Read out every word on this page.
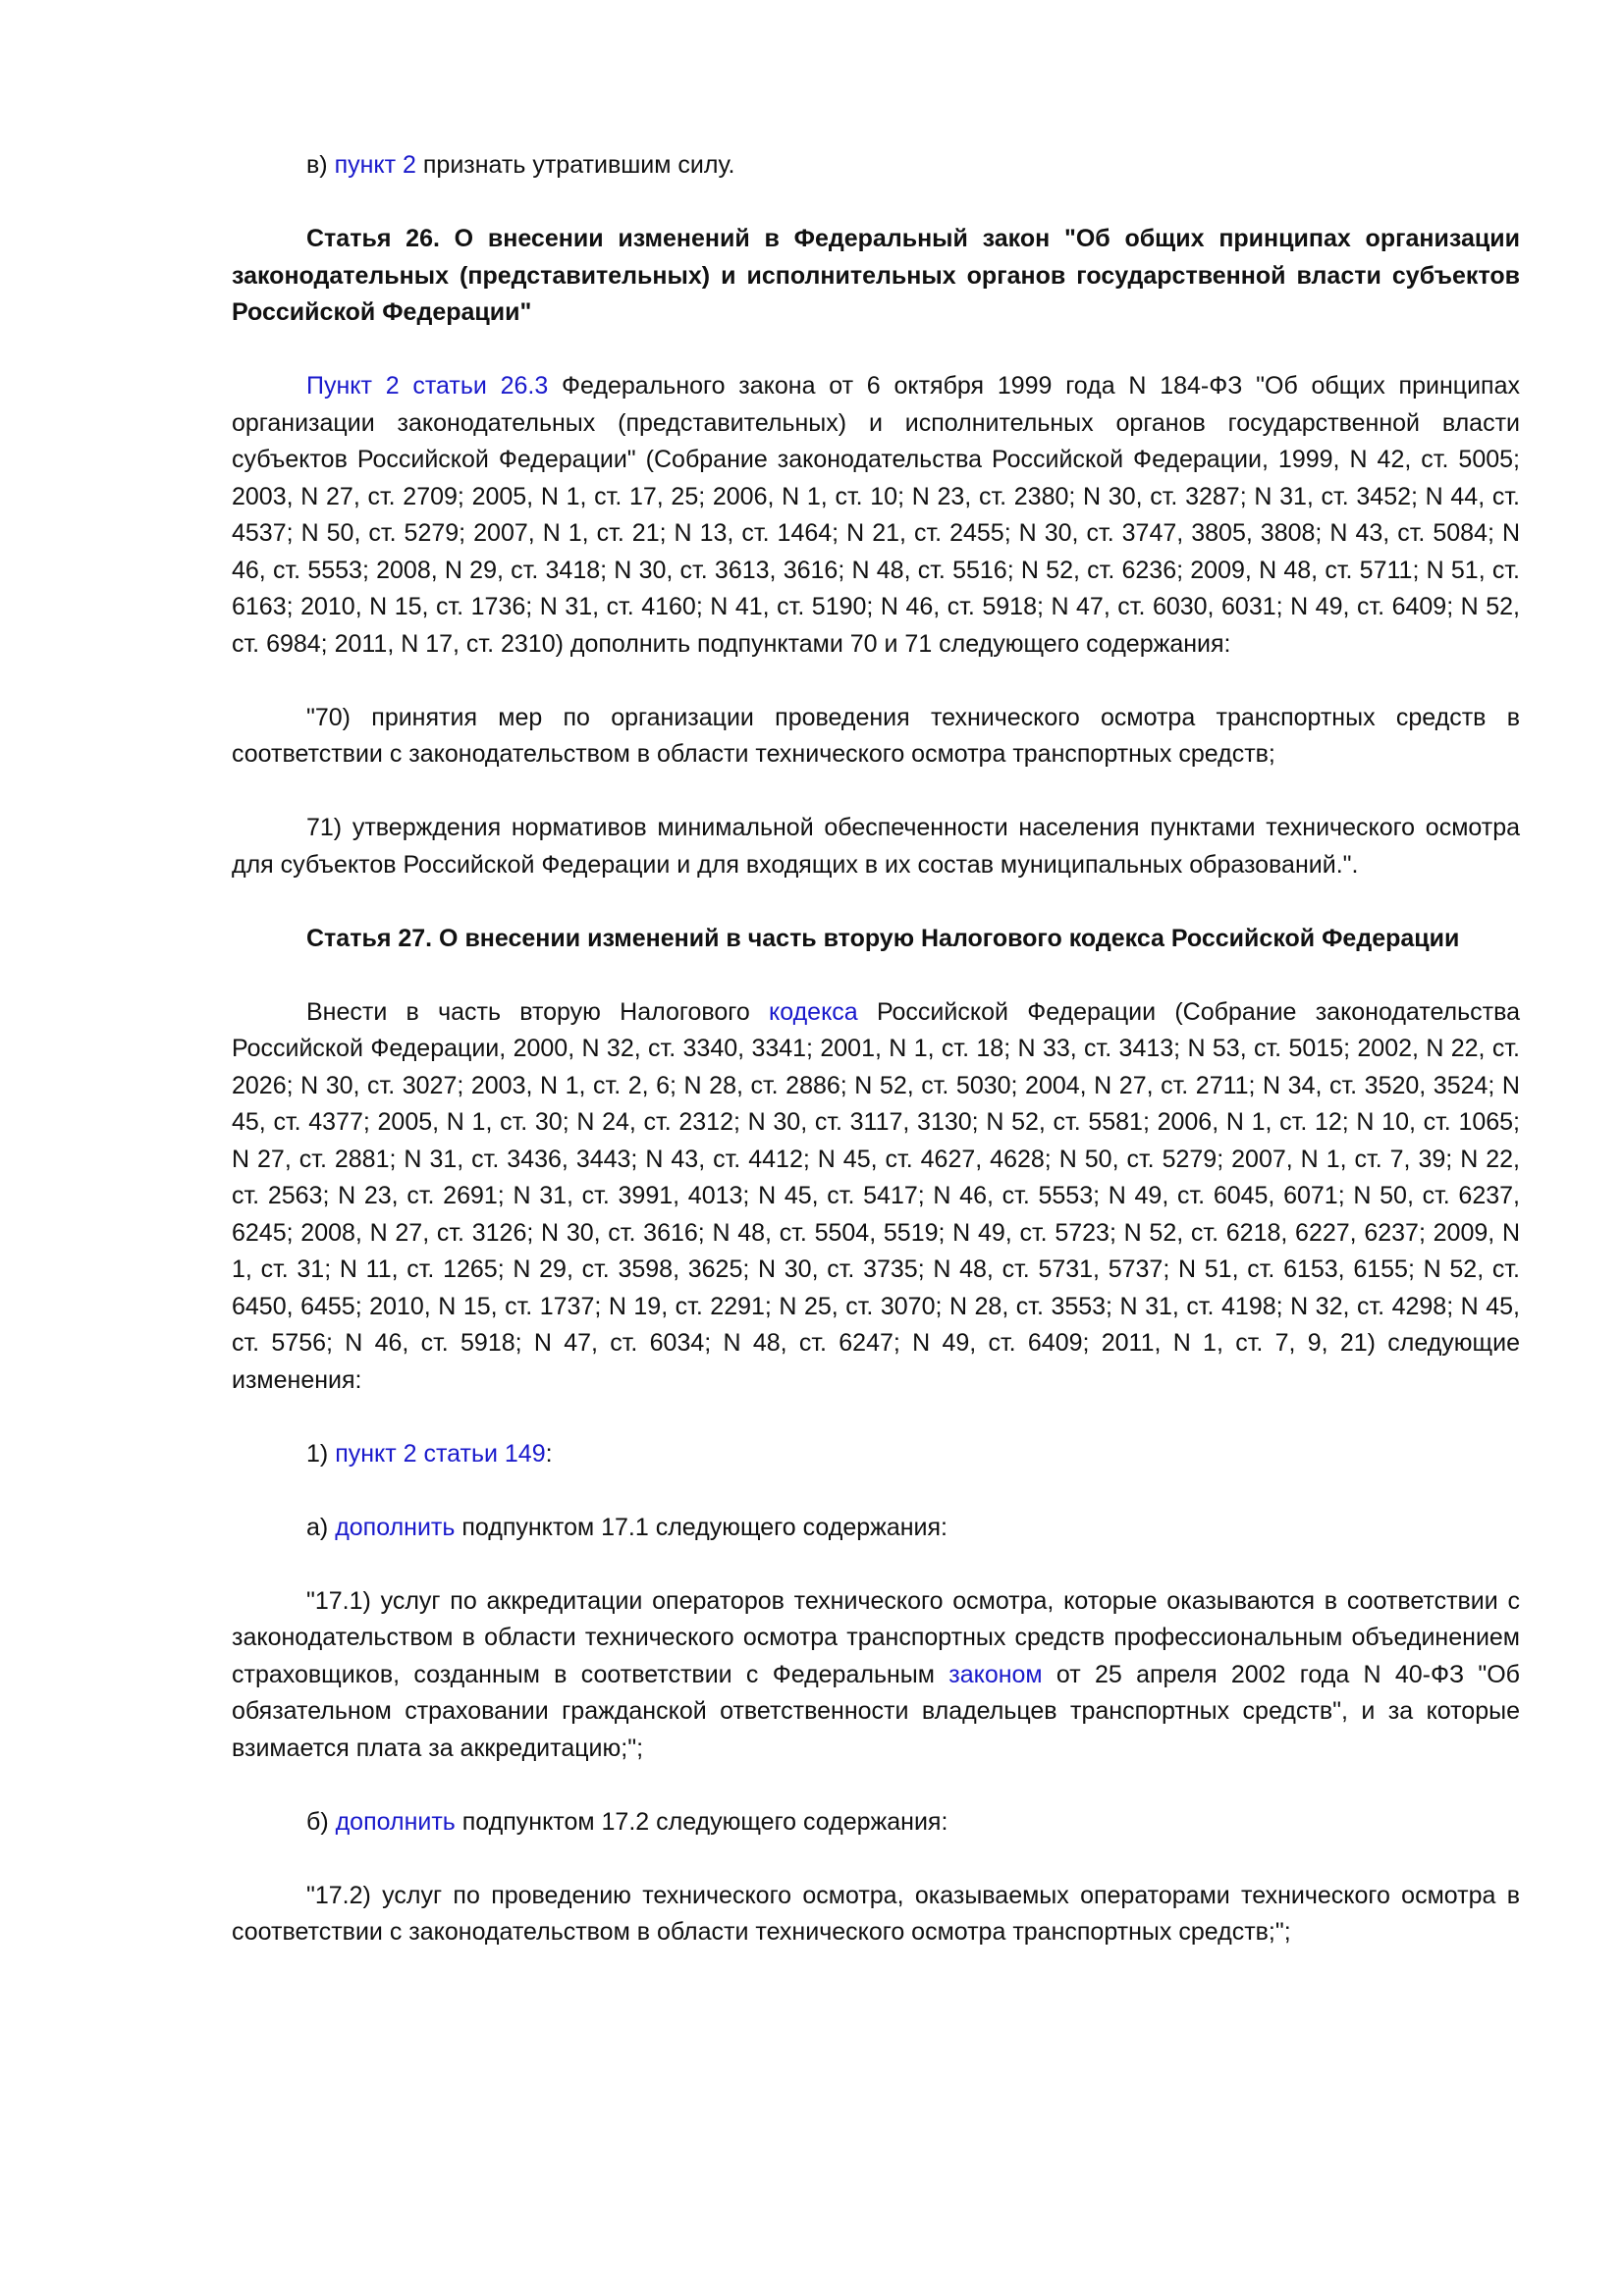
в) пункт 2 признать утратившим силу.

Статья 26. О внесении изменений в Федеральный закон "Об общих принципах организации законодательных (представительных) и исполнительных органов государственной власти субъектов Российской Федерации"

Пункт 2 статьи 26.3 Федерального закона от 6 октября 1999 года N 184-ФЗ "Об общих принципах организации законодательных (представительных) и исполнительных органов государственной власти субъектов Российской Федерации" (Собрание законодательства Российской Федерации, 1999, N 42, ст. 5005; 2003, N 27, ст. 2709; 2005, N 1, ст. 17, 25; 2006, N 1, ст. 10; N 23, ст. 2380; N 30, ст. 3287; N 31, ст. 3452; N 44, ст. 4537; N 50, ст. 5279; 2007, N 1, ст. 21; N 13, ст. 1464; N 21, ст. 2455; N 30, ст. 3747, 3805, 3808; N 43, ст. 5084; N 46, ст. 5553; 2008, N 29, ст. 3418; N 30, ст. 3613, 3616; N 48, ст. 5516; N 52, ст. 6236; 2009, N 48, ст. 5711; N 51, ст. 6163; 2010, N 15, ст. 1736; N 31, ст. 4160; N 41, ст. 5190; N 46, ст. 5918; N 47, ст. 6030, 6031; N 49, ст. 6409; N 52, ст. 6984; 2011, N 17, ст. 2310) дополнить подпунктами 70 и 71 следующего содержания:

"70) принятия мер по организации проведения технического осмотра транспортных средств в соответствии с законодательством в области технического осмотра транспортных средств;

71) утверждения нормативов минимальной обеспеченности населения пунктами технического осмотра для субъектов Российской Федерации и для входящих в их состав муниципальных образований.".

Статья 27. О внесении изменений в часть вторую Налогового кодекса Российской Федерации

Внести в часть вторую Налогового кодекса Российской Федерации (Собрание законодательства Российской Федерации, 2000, N 32, ст. 3340, 3341; 2001, N 1, ст. 18; N 33, ст. 3413; N 53, ст. 5015; 2002, N 22, ст. 2026; N 30, ст. 3027; 2003, N 1, ст. 2, 6; N 28, ст. 2886; N 52, ст. 5030; 2004, N 27, ст. 2711; N 34, ст. 3520, 3524; N 45, ст. 4377; 2005, N 1, ст. 30; N 24, ст. 2312; N 30, ст. 3117, 3130; N 52, ст. 5581; 2006, N 1, ст. 12; N 10, ст. 1065; N 27, ст. 2881; N 31, ст. 3436, 3443; N 43, ст. 4412; N 45, ст. 4627, 4628; N 50, ст. 5279; 2007, N 1, ст. 7, 39; N 22, ст. 2563; N 23, ст. 2691; N 31, ст. 3991, 4013; N 45, ст. 5417; N 46, ст. 5553; N 49, ст. 6045, 6071; N 50, ст. 6237, 6245; 2008, N 27, ст. 3126; N 30, ст. 3616; N 48, ст. 5504, 5519; N 49, ст. 5723; N 52, ст. 6218, 6227, 6237; 2009, N 1, ст. 31; N 11, ст. 1265; N 29, ст. 3598, 3625; N 30, ст. 3735; N 48, ст. 5731, 5737; N 51, ст. 6153, 6155; N 52, ст. 6450, 6455; 2010, N 15, ст. 1737; N 19, ст. 2291; N 25, ст. 3070; N 28, ст. 3553; N 31, ст. 4198; N 32, ст. 4298; N 45, ст. 5756; N 46, ст. 5918; N 47, ст. 6034; N 48, ст. 6247; N 49, ст. 6409; 2011, N 1, ст. 7, 9, 21) следующие изменения:

1) пункт 2 статьи 149:

а) дополнить подпунктом 17.1 следующего содержания:

"17.1) услуг по аккредитации операторов технического осмотра, которые оказываются в соответствии с законодательством в области технического осмотра транспортных средств профессиональным объединением страховщиков, созданным в соответствии с Федеральным законом от 25 апреля 2002 года N 40-ФЗ "Об обязательном страховании гражданской ответственности владельцев транспортных средств", и за которые взимается плата за аккредитацию;";

б) дополнить подпунктом 17.2 следующего содержания:

"17.2) услуг по проведению технического осмотра, оказываемых операторами технического осмотра в соответствии с законодательством в области технического осмотра транспортных средств;";
